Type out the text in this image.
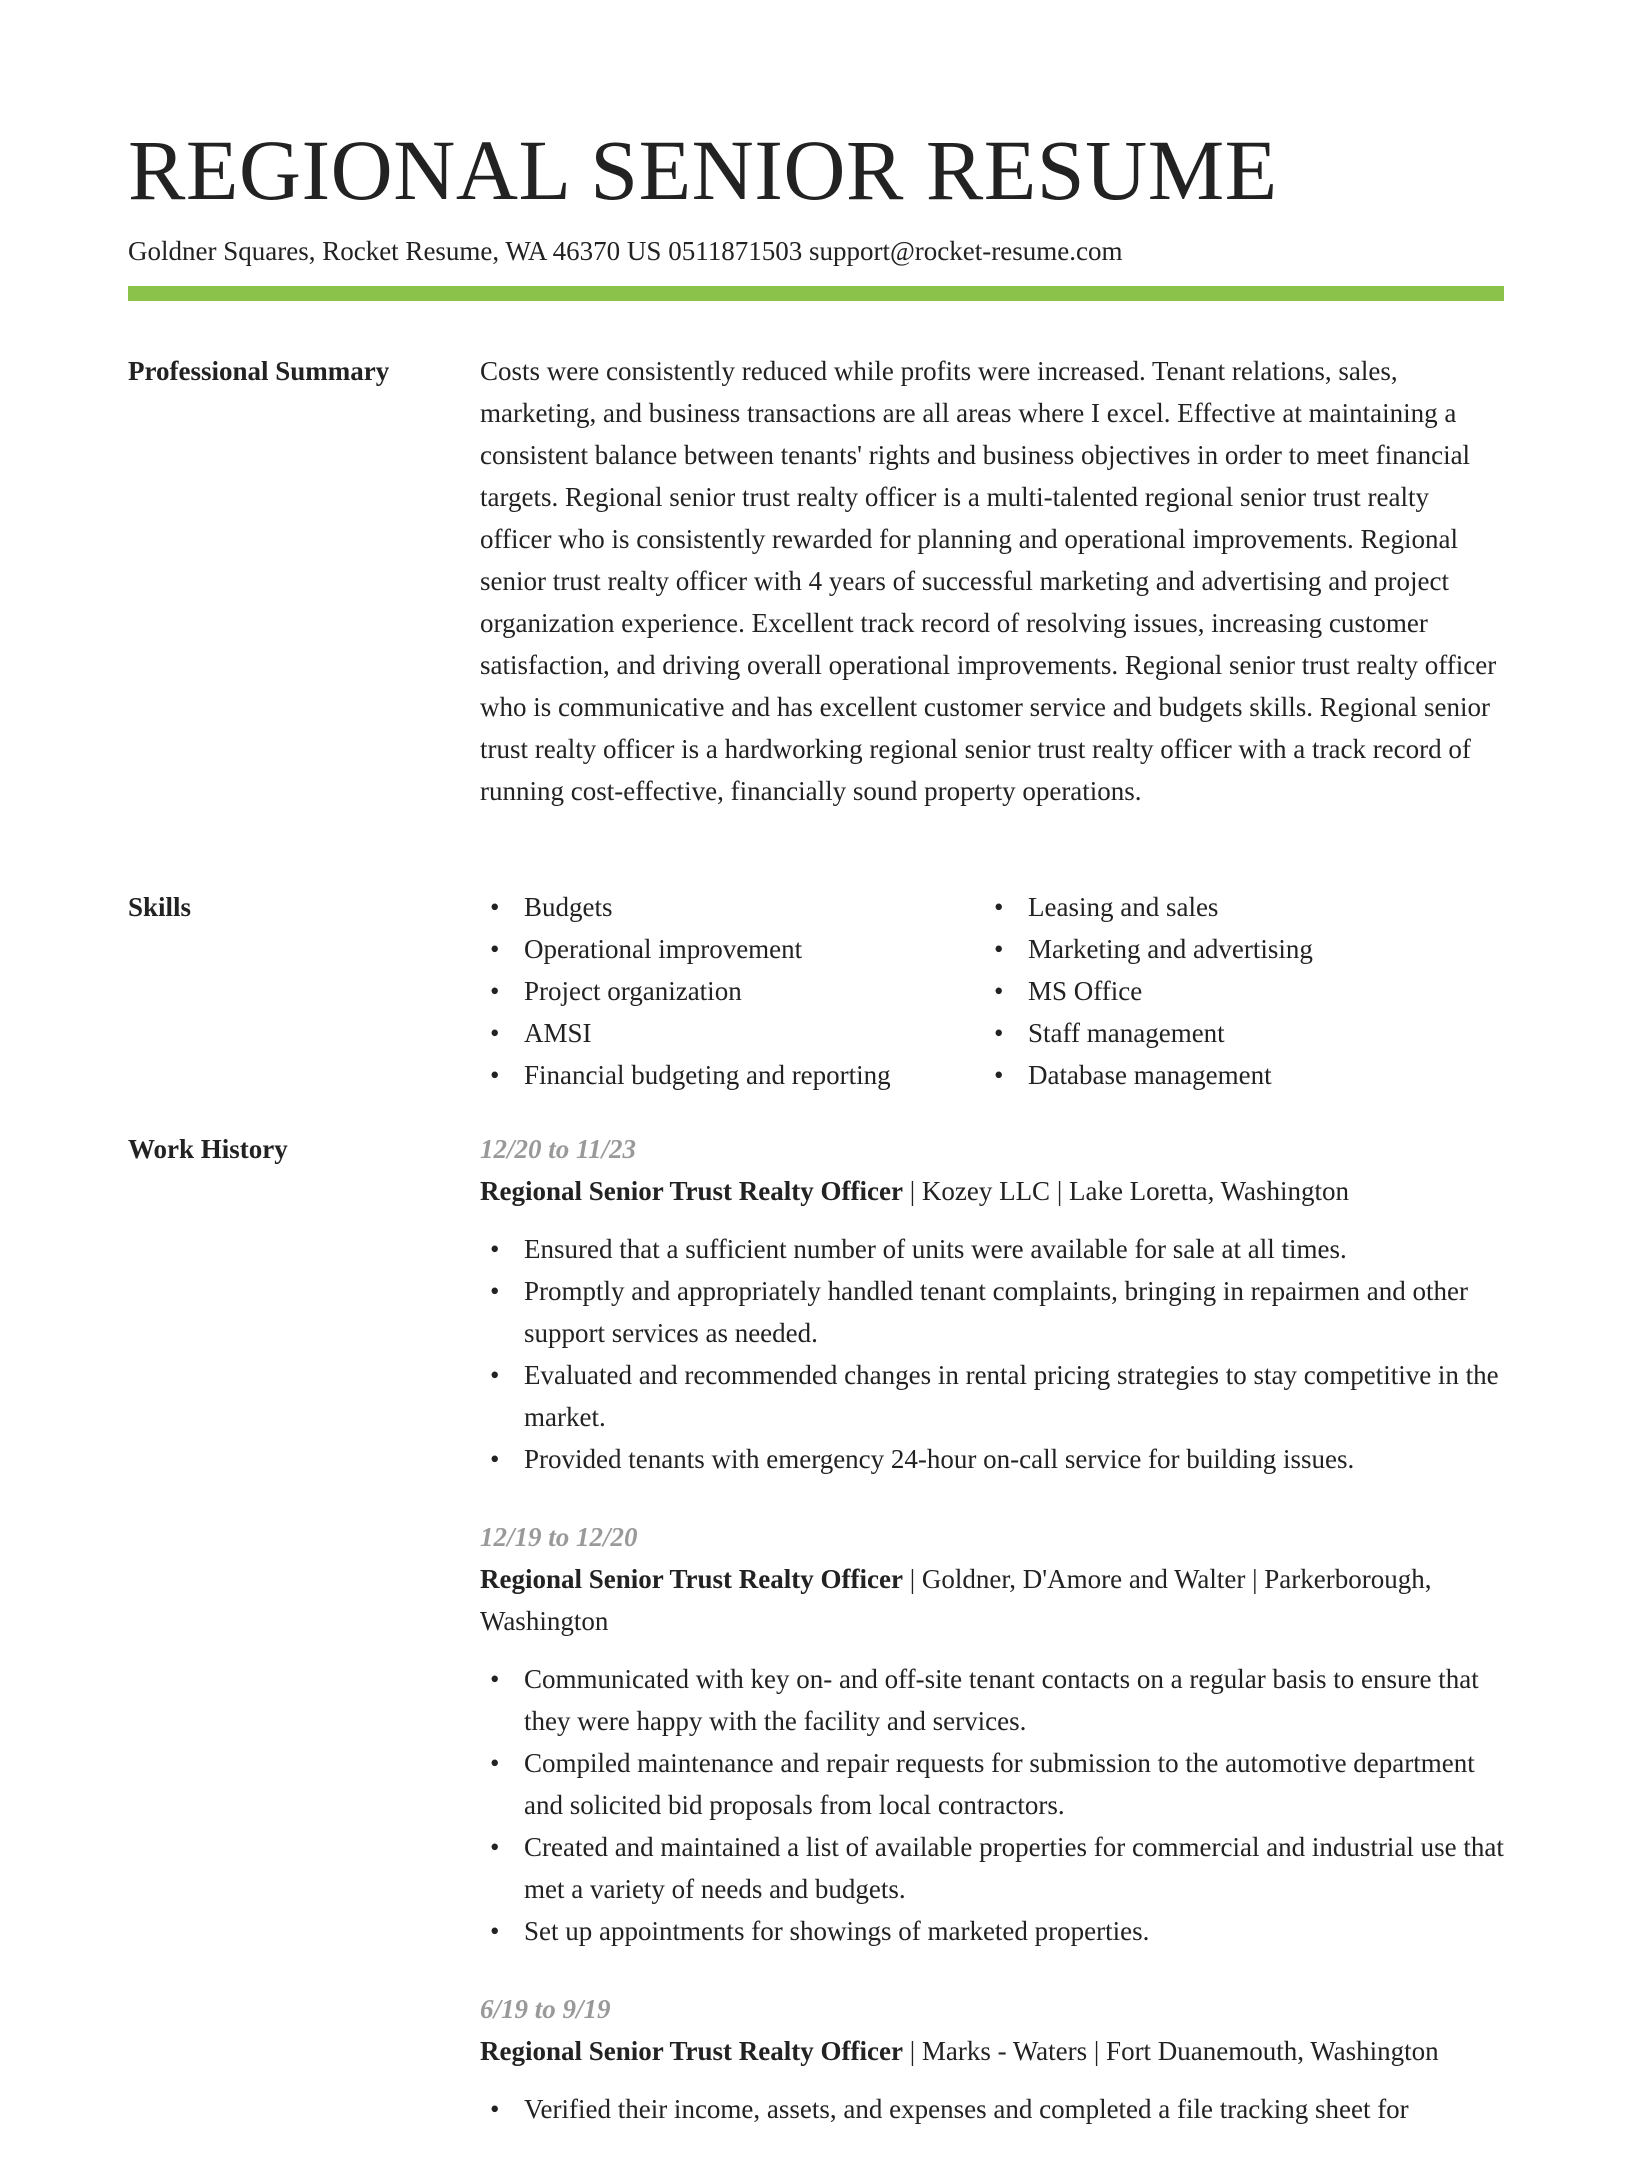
REGIONAL SENIOR RESUME
Goldner Squares, Rocket Resume, WA 46370 US 0511871503 support@rocket-resume.com
Professional Summary	Costs were consistently reduced while profits were increased. Tenant relations, sales, marketing, and business transactions are all areas where I excel. Effective at maintaining a consistent balance between tenants' rights and business objectives in order to meet financial targets. Regional senior trust realty officer is a multi-talented regional senior trust realty officer who is consistently rewarded for planning and operational improvements. Regional senior trust realty officer with 4 years of successful marketing and advertising and project organization experience. Excellent track record of resolving issues, increasing customer satisfaction, and driving overall operational improvements. Regional senior trust realty officer who is communicative and has excellent customer service and budgets skills. Regional senior trust realty officer is a hardworking regional senior trust realty officer with a track record of running cost-effective, financially sound property operations.

Skills
•	Budgets
• Operational improvement
• Project organization
• AMSI
• Financial budgeting and reporting
• Leasing and sales
• Marketing and advertising
• MS Office
• Staff management
• Database management
Work History	12/20 to 11/23
Regional Senior Trust Realty Officer | Kozey LLC | Lake Loretta, Washington
• Ensured that a sufficient number of units were available for sale at all times.
• Promptly and appropriately handled tenant complaints, bringing in repairmen and other support services as needed.
• Evaluated and recommended changes in rental pricing strategies to stay competitive in the market.
• Provided tenants with emergency 24-hour on-call service for building issues.
12/19 to 12/20
Regional Senior Trust Realty Officer | Goldner, D'Amore and Walter | Parkerborough, Washington
• Communicated with key on- and off-site tenant contacts on a regular basis to ensure that they were happy with the facility and services.
• Compiled maintenance and repair requests for submission to the automotive department and solicited bid proposals from local contractors.
• Created and maintained a list of available properties for commercial and industrial use that met a variety of needs and budgets.
• Set up appointments for showings of marketed properties.
6/19 to 9/19
Regional Senior Trust Realty Officer | Marks - Waters | Fort Duanemouth, Washington
• Verified their income, assets, and expenses and completed a file tracking sheet for
